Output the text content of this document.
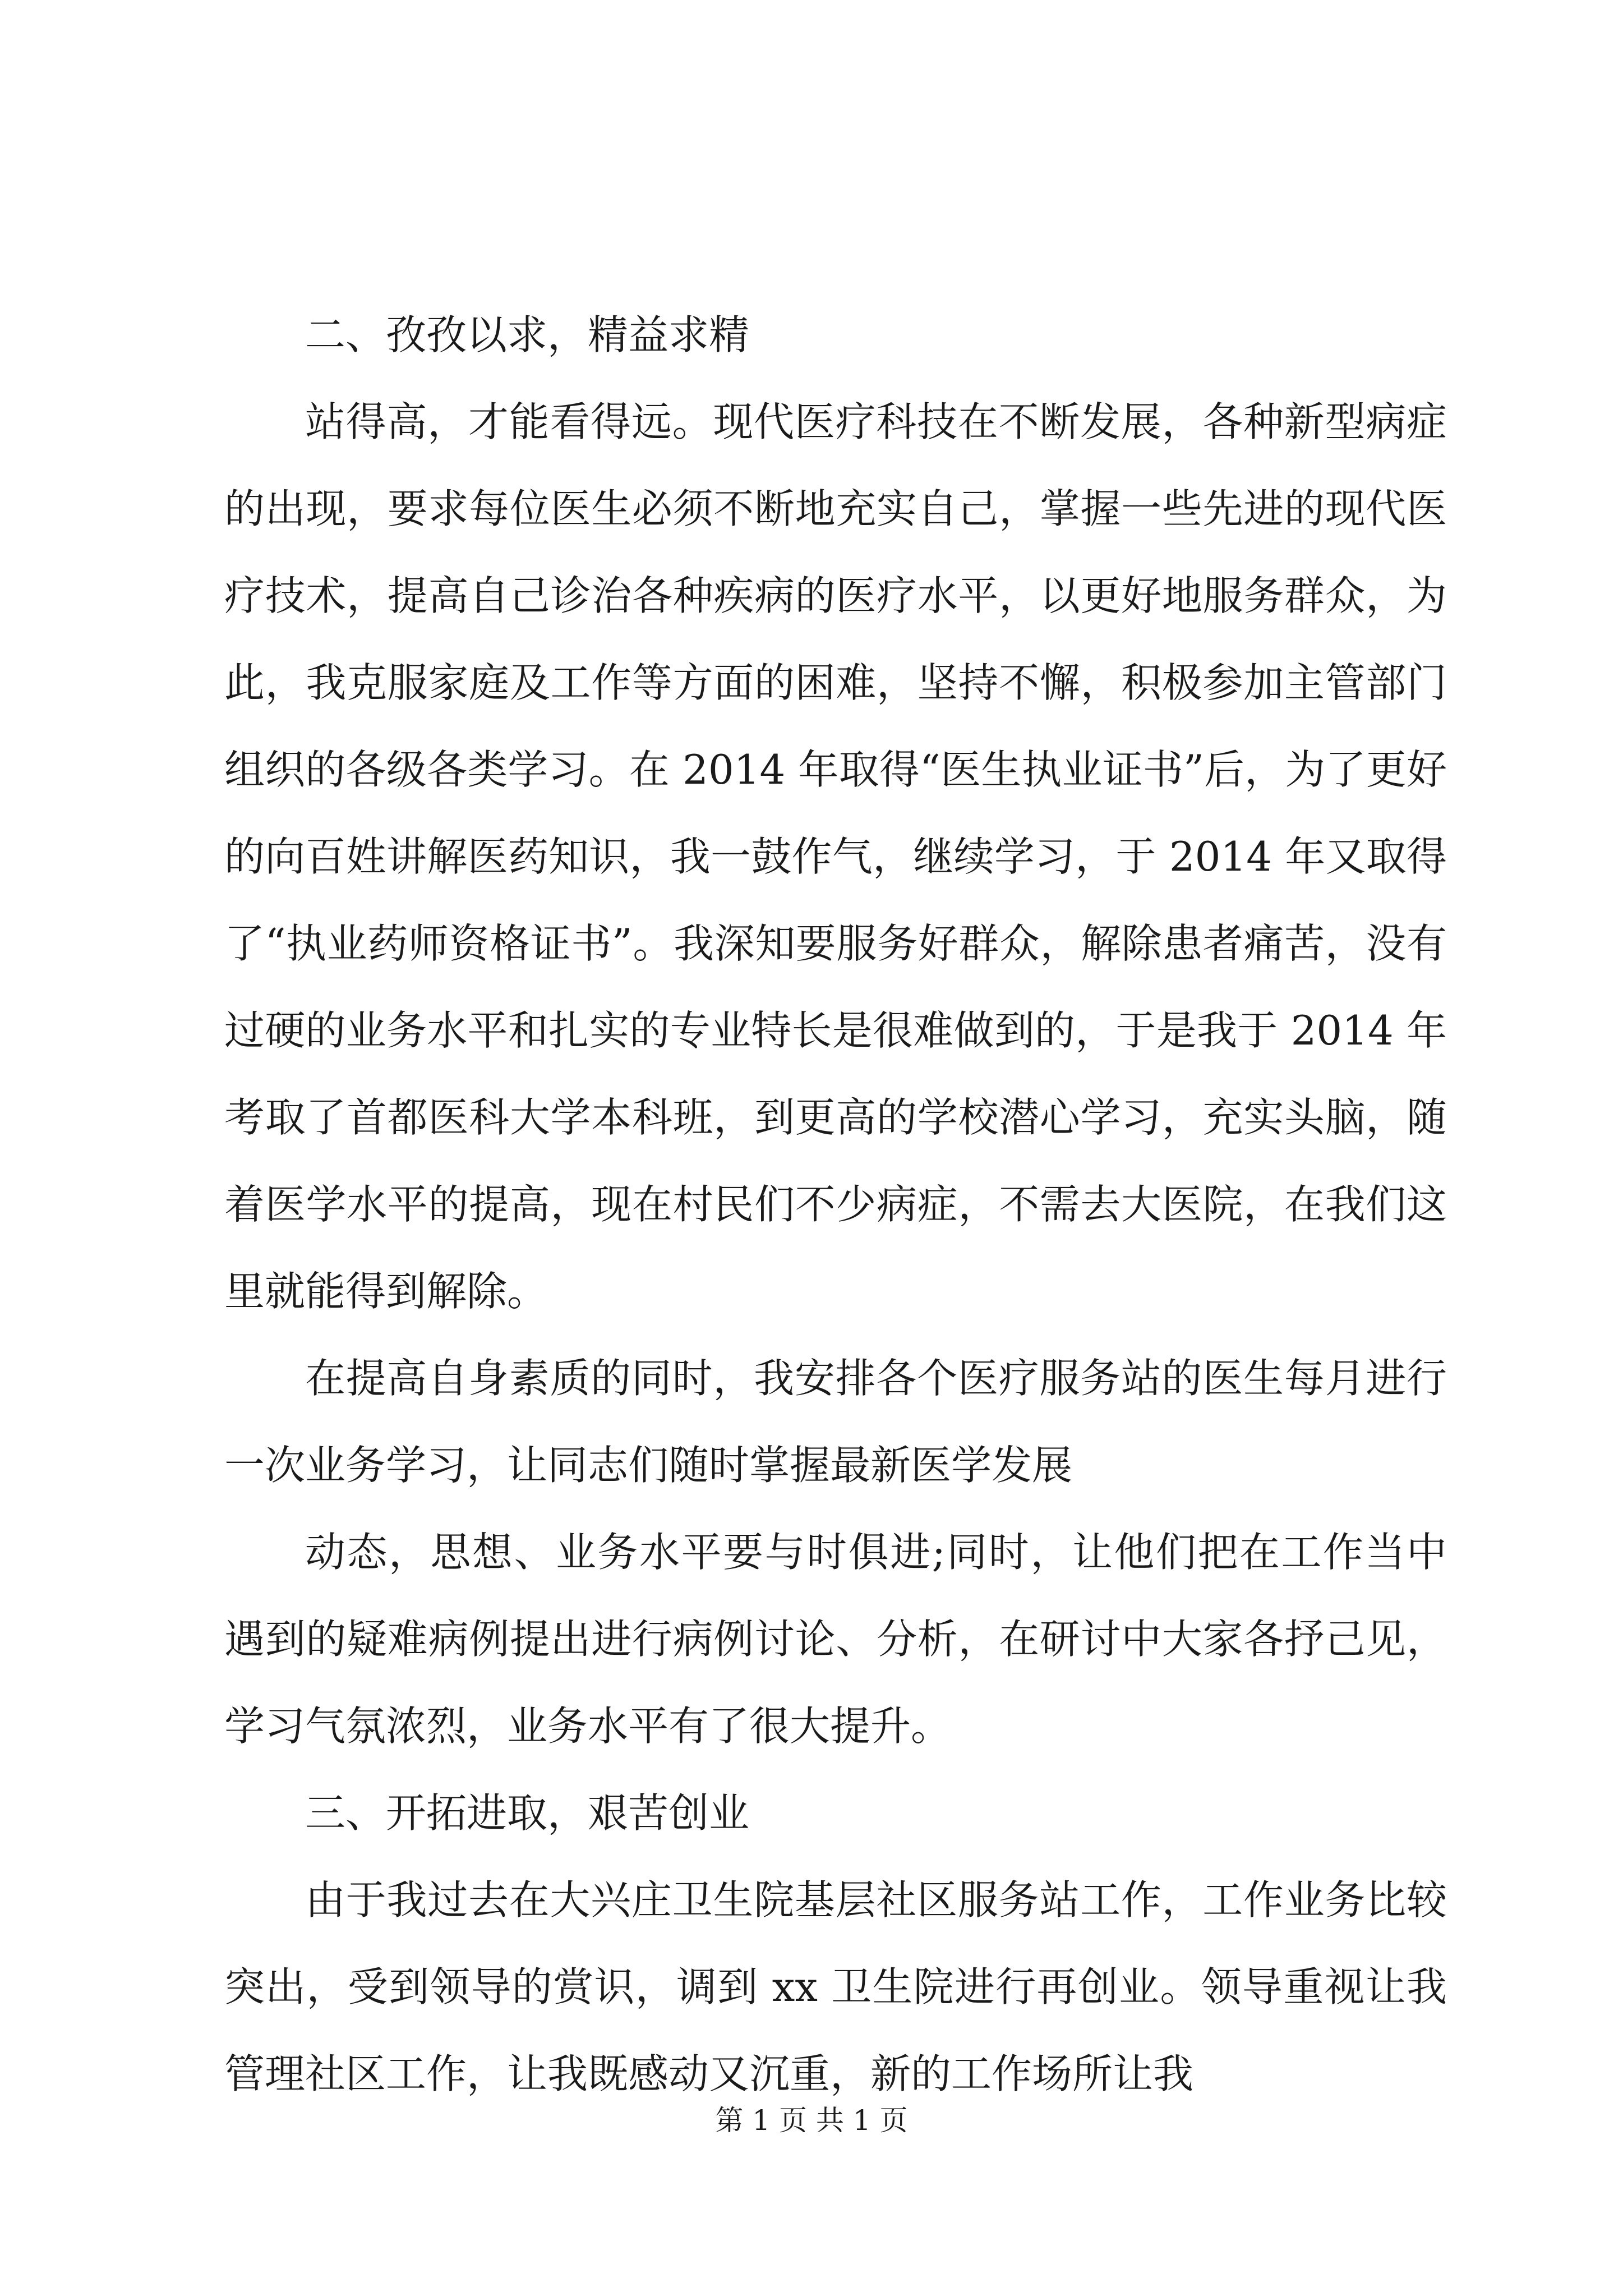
二、孜孜以求，精益求精

站得高，才能看得远。现代医疗科技在不断发展，各种新型病症的出现，要求每位医生必须不断地充实自己，掌握一些先进的现代医疗技术，提高自己诊治各种疾病的医疗水平，以更好地服务群众，为此，我克服家庭及工作等方面的困难，坚持不懈，积极参加主管部门组织的各级各类学习。在 2014 年取得“医生执业证书”后，为了更好的向百姓讲解医药知识，我一鼓作气，继续学习，于 2014 年又取得了“执业药师资格证书”。我深知要服务好群众，解除患者痛苦，没有过硬的业务水平和扎实的专业特长是很难做到的，于是我于 2014 年考取了首都医科大学本科班，到更高的学校潜心学习，充实头脑，随着医学水平的提高，现在村民们不少病症，不需去大医院，在我们这里就能得到解除。

在提高自身素质的同时，我安排各个医疗服务站的医生每月进行一次业务学习，让同志们随时掌握最新医学发展

动态，思想、业务水平要与时俱进;同时，让他们把在工作当中遇到的疑难病例提出进行病例讨论、分析，在研讨中大家各抒己见，学习气氛浓烈，业务水平有了很大提升。

三、开拓进取，艰苦创业

由于我过去在大兴庄卫生院基层社区服务站工作，工作业务比较突出，受到领导的赏识，调到 xx 卫生院进行再创业。领导重视让我管理社区工作，让我既感动又沉重，新的工作场所让我

第 1 页 共 1 页
